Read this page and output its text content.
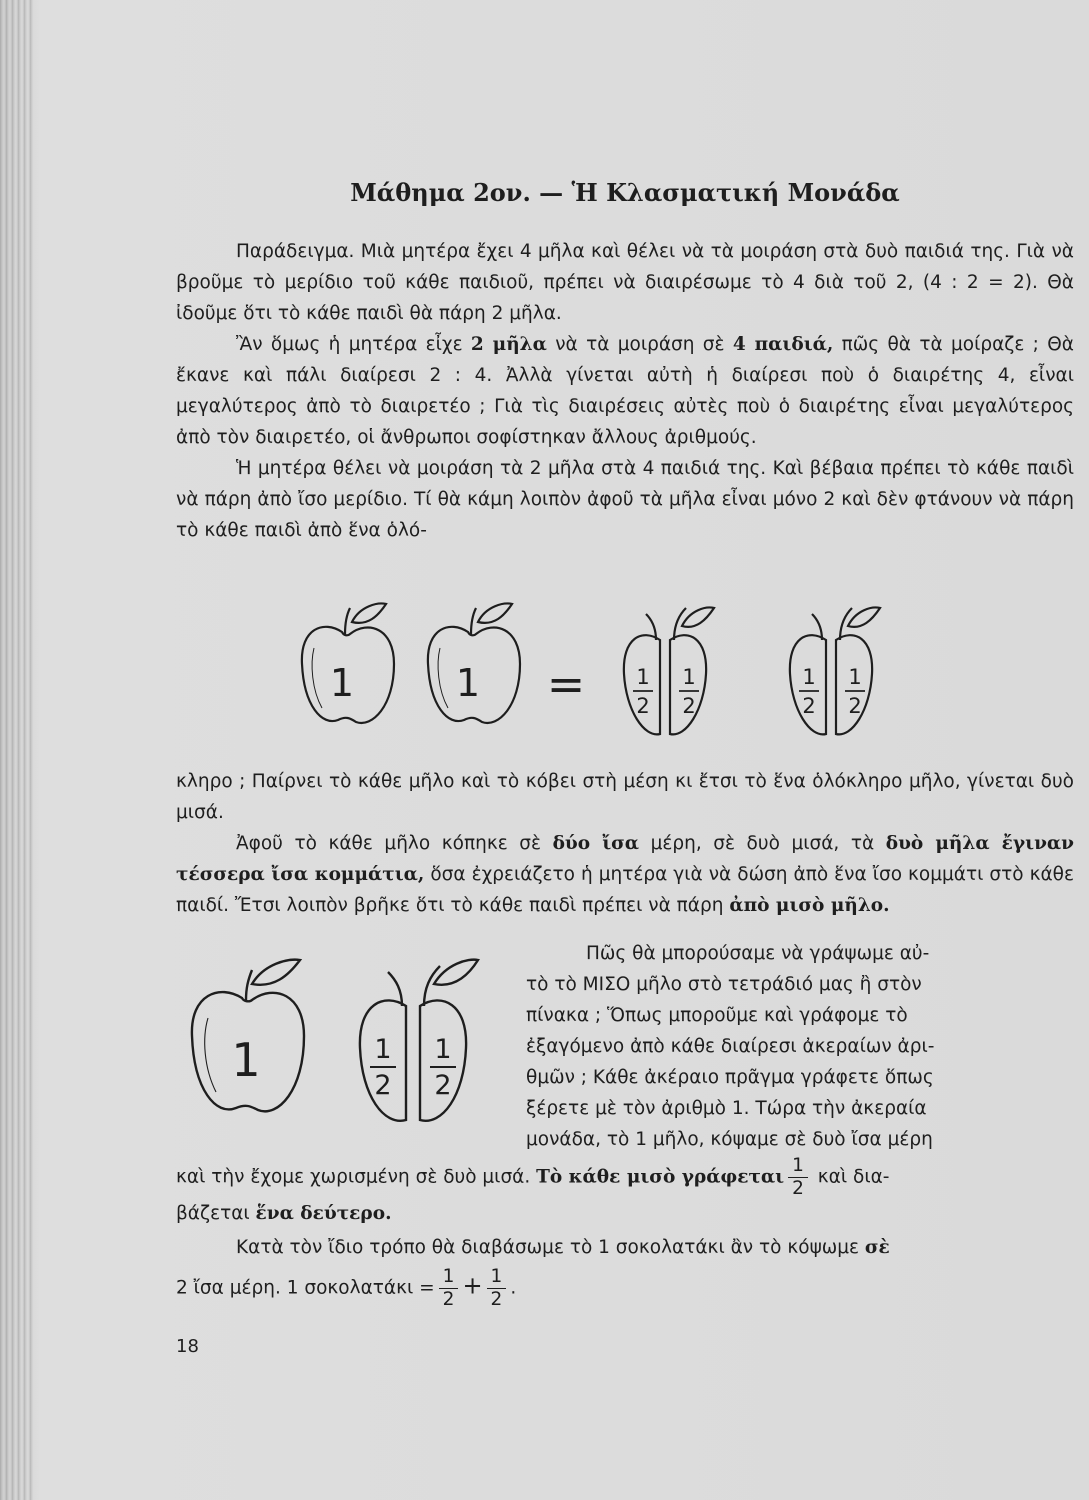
Μάθημα 2ον. — Ἡ Κλασματική Μονάδα

Παράδειγμα. Μιὰ μητέρα ἔχει 4 μῆλα καὶ θέλει νὰ τὰ μοιράση στὰ δυὸ παιδιά της. Γιὰ νὰ βροῦμε τὸ μερίδιο τοῦ κάθε παιδιοῦ, πρέπει νὰ διαιρέσωμε τὸ 4 διὰ τοῦ 2, (4 : 2 = 2). Θὰ ἰδοῦμε ὅτι τὸ κάθε παιδὶ θὰ πάρη 2 μῆλα.

Ἂν ὅμως ἡ μητέρα εἶχε 2 μῆλα νὰ τὰ μοιράση σὲ 4 παιδιά, πῶς θὰ τὰ μοίραζε ; Θὰ ἔκανε καὶ πάλι διαίρεσι 2 : 4. Ἀλλὰ γίνεται αὐτὴ ἡ διαίρεσι ποὺ ὁ διαιρέτης 4, εἶναι μεγαλύτερος ἀπὸ τὸ διαιρετέο ; Γιὰ τὶς διαιρέσεις αὐτὲς ποὺ ὁ διαιρέτης εἶναι μεγαλύτερος ἀπὸ τὸν διαιρετέο, οἱ ἄνθρωποι σοφίστηκαν ἄλλους ἀριθμούς.

Ἡ μητέρα θέλει νὰ μοιράση τὰ 2 μῆλα στὰ 4 παιδιά της. Καὶ βέβαια πρέπει τὸ κάθε παιδὶ νὰ πάρη ἀπὸ ἴσο μερίδιο. Τί θὰ κάμη λοιπὸν ἀφοῦ τὰ μῆλα εἶναι μόνο 2 καὶ δὲν φτάνουν νὰ πάρη τὸ κάθε παιδὶ ἀπὸ ἕνα ὁλό-

κληρο ; Παίρνει τὸ κάθε μῆλο καὶ τὸ κόβει στὴ μέση κι ἔτσι τὸ ἕνα ὁλόκληρο μῆλο, γίνεται δυὸ μισά.

Ἀφοῦ τὸ κάθε μῆλο κόπηκε σὲ δύο ἴσα μέρη, σὲ δυὸ μισά, τὰ δυὸ μῆλα ἔγιναν τέσσερα ἴσα κομμάτια, ὅσα ἐχρειάζετο ἡ μητέρα γιὰ νὰ δώση ἀπὸ ἕνα ἴσο κομμάτι στὸ κάθε παιδί. Ἔτσι λοιπὸν βρῆκε ὅτι τὸ κάθε παιδὶ πρέπει νὰ πάρη ἀπὸ μισὸ μῆλο.

Πῶς θὰ μπορούσαμε νὰ γράψωμε αὐ-

τὸ τὸ ΜΙΣΟ μῆλο στὸ τετράδιό μας ἢ στὸν

πίνακα ; Ὅπως μποροῦμε καὶ γράφομε τὸ

ἐξαγόμενο ἀπὸ κάθε διαίρεσι ἀκεραίων ἀρι-

θμῶν ; Κάθε ἀκέραιο πρᾶγμα γράφετε ὅπως

ξέρετε μὲ τὸν ἀριθμὸ 1. Τώρα τὴν ἀκεραία

μονάδα, τὸ 1 μῆλο, κόψαμε σὲ δυὸ ἴσα μέρη

καὶ τὴν ἔχομε χωρισμένη σὲ δυὸ μισά. Τὸ κάθε μισὸ γράφεται $\frac{1}{2}$ καὶ δια-

βάζεται ἕνα δεύτερο.

Κατὰ τὸν ἴδιο τρόπο θὰ διαβάσωμε τὸ 1 σοκολατάκι ἂν τὸ κόψωμε σὲ

2 ἴσα μέρη. 1 $\sigma o\kappa o\lambda\alpha\tau ά\kappa\iota = \frac{1}{2} + \frac{1}{2}$ .

1	1 = 1
2
1
2
1
2
1
2
1	1
2
1
2
18
